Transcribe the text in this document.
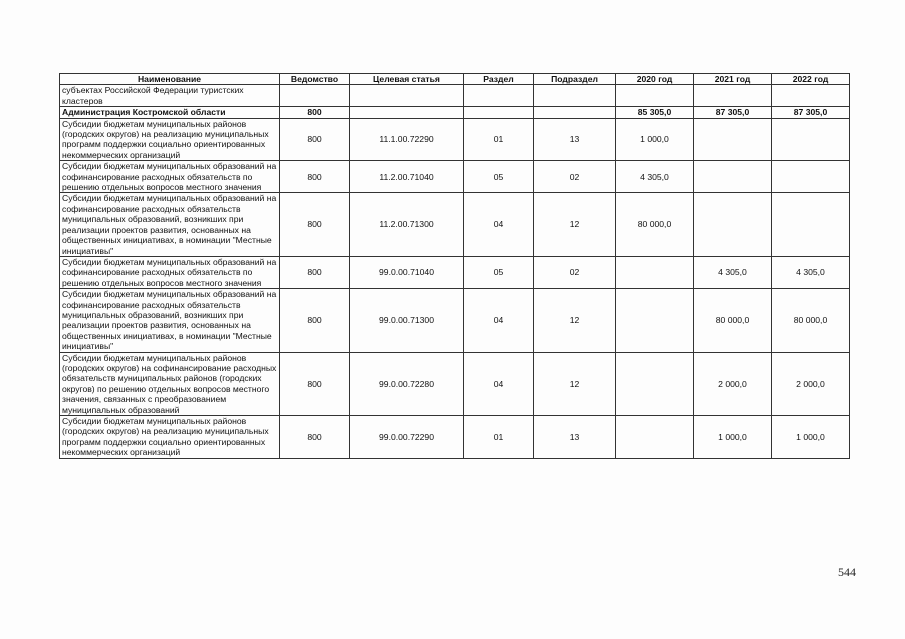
Наименование	Ведомство	Целевая статья	Раздел	Подраздел	2020 год	2021 год	2022 год
субъектах Российской Федерации туристских кластеров							
Администрация Костромской области	800				85 305,0	87 305,0	87 305,0
Субсидии бюджетам муниципальных районов (городских округов) на реализацию муниципальных программ поддержки социально ориентированных некоммерческих организаций	800	11.1.00.72290	01	13	1 000,0		
Субсидии бюджетам муниципальных образований на софинансирование расходных обязательств по решению отдельных вопросов местного значения	800	11.2.00.71040	05	02	4 305,0		
Субсидии бюджетам муниципальных образований на софинансирование расходных обязательств муниципальных образований, возникших при реализации проектов развития, основанных на общественных инициативах, в номинации "Местные инициативы"	800	11.2.00.71300	04	12	80 000,0		
Субсидии бюджетам муниципальных образований на софинансирование расходных обязательств по решению отдельных вопросов местного значения	800	99.0.00.71040	05	02		4 305,0	4 305,0
Субсидии бюджетам муниципальных образований на софинансирование расходных обязательств муниципальных образований, возникших при реализации проектов развития, основанных на общественных инициативах, в номинации "Местные инициативы"	800	99.0.00.71300	04	12		80 000,0	80 000,0
Субсидии бюджетам муниципальных районов (городских округов) на софинансирование расходных обязательств муниципальных районов (городских округов) по решению отдельных вопросов местного значения, связанных с преобразованием муниципальных образований	800	99.0.00.72280	04	12		2 000,0	2 000,0
Субсидии бюджетам муниципальных районов (городских округов) на реализацию муниципальных программ поддержки социально ориентированных некоммерческих организаций	800	99.0.00.72290	01	13		1 000,0	1 000,0
544
